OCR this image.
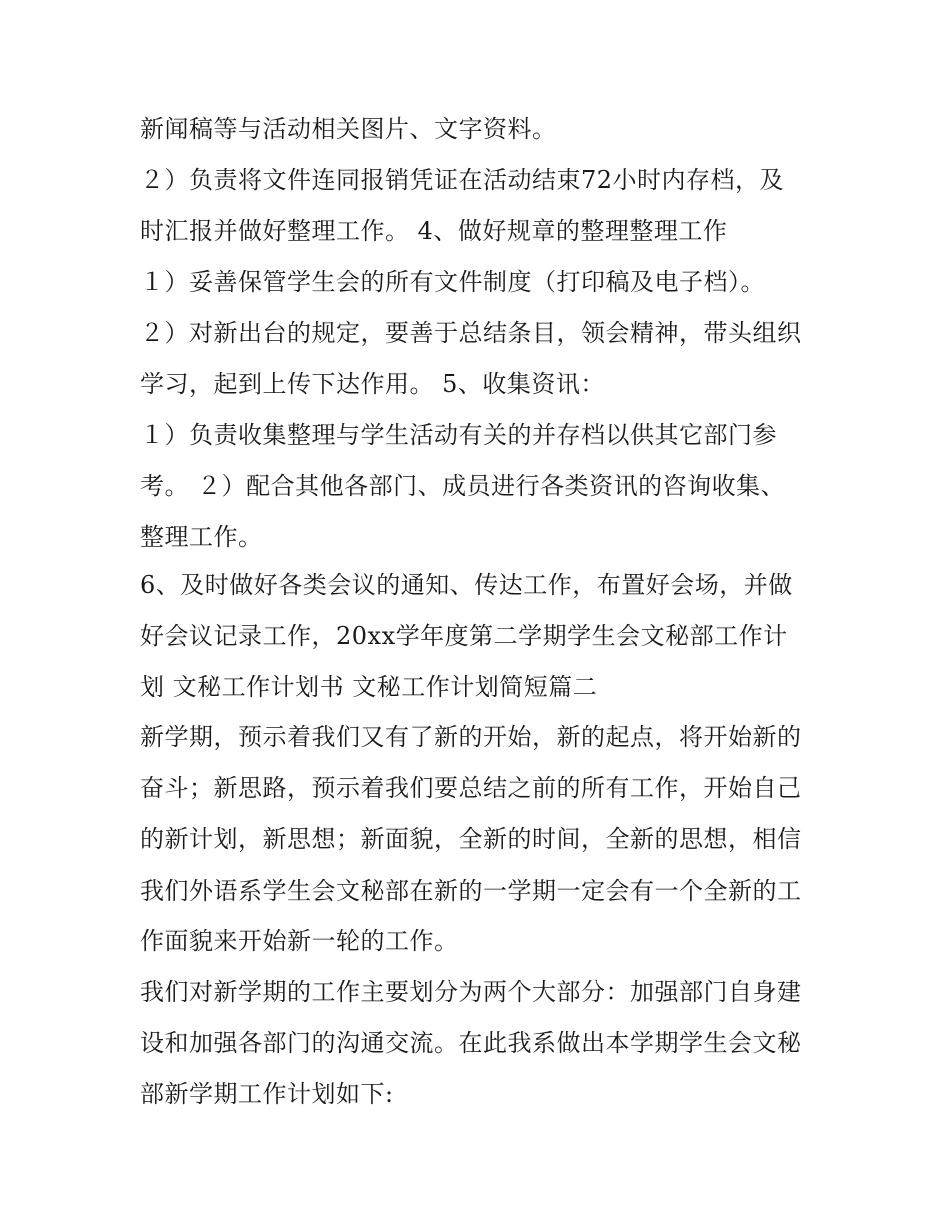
新闻稿等与活动相关图片、文字资料。
２）负责将文件连同报销凭证在活动结束72小时内存档，及
时汇报并做好整理工作。 4、做好规章的整理整理工作
１）妥善保管学生会的所有文件制度（打印稿及电子档）。
２）对新出台的规定，要善于总结条目，领会精神，带头组织
学习，起到上传下达作用。 5、收集资讯：
１）负责收集整理与学生活动有关的并存档以供其它部门参
考。 ２）配合其他各部门、成员进行各类资讯的咨询收集、
整理工作。
6、及时做好各类会议的通知、传达工作，布置好会场，并做
好会议记录工作，20xx学年度第二学期学生会文秘部工作计
划 文秘工作计划书 文秘工作计划简短篇二
新学期，预示着我们又有了新的开始，新的起点，将开始新的
奋斗；新思路，预示着我们要总结之前的所有工作，开始自己
的新计划，新思想；新面貌，全新的时间，全新的思想，相信
我们外语系学生会文秘部在新的一学期一定会有一个全新的工
作面貌来开始新一轮的工作。
我们对新学期的工作主要划分为两个大部分：加强部门自身建
设和加强各部门的沟通交流。在此我系做出本学期学生会文秘
部新学期工作计划如下:
